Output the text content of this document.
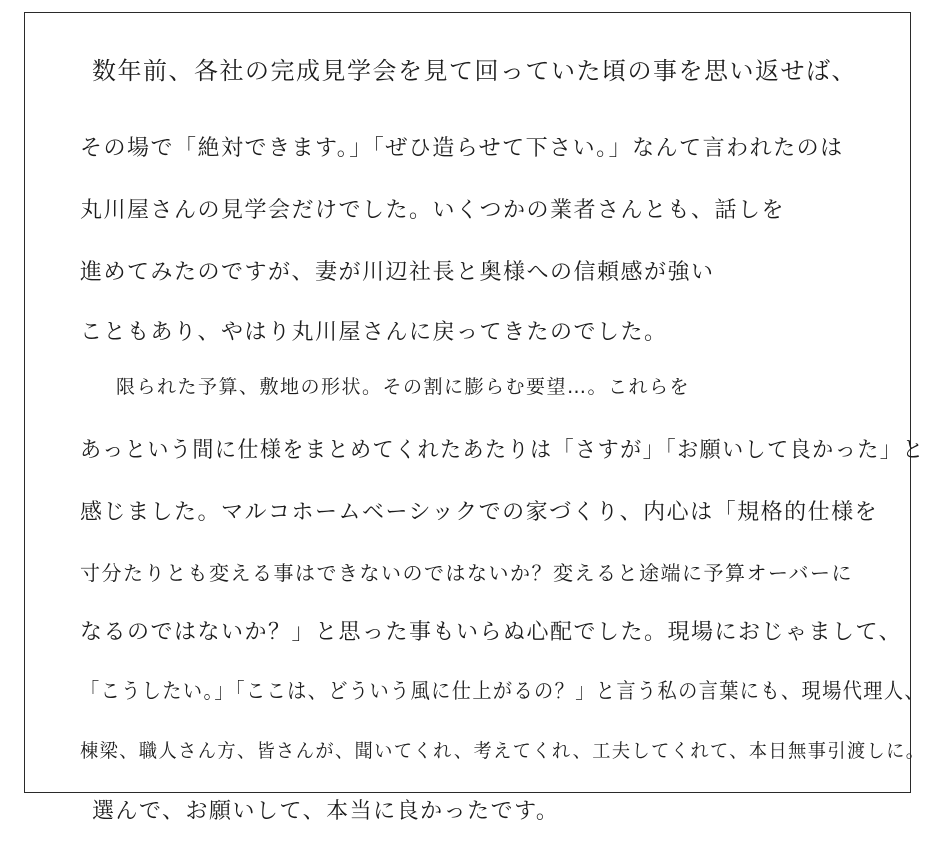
数年前、各社の完成見学会を見て回っていた頃の事を思い返せば、
その場で「絶対できます。」「ぜひ造らせて下さい。」なんて言われたのは
丸川屋さんの見学会だけでした。いくつかの業者さんとも、話しを
進めてみたのですが、妻が川辺社長と奥様への信頼感が強い
こともあり、やはり丸川屋さんに戻ってきたのでした。
限られた予算、敷地の形状。その割に膨らむ要望…。これらを
あっという間に仕様をまとめてくれたあたりは「さすが」「お願いして良かった」と
感じました。マルコホームベーシックでの家づくり、内心は「規格的仕様を
寸分たりとも変える事はできないのではないか？変えると途端に予算オーバーに
なるのではないか？」と思った事もいらぬ心配でした。現場におじゃまして、
「こうしたい。」「ここは、どういう風に仕上がるの？」と言う私の言葉にも、現場代理人、
棟梁、職人さん方、皆さんが、聞いてくれ、考えてくれ、工夫してくれて、本日無事引渡しに。
選んで、お願いして、本当に良かったです。
